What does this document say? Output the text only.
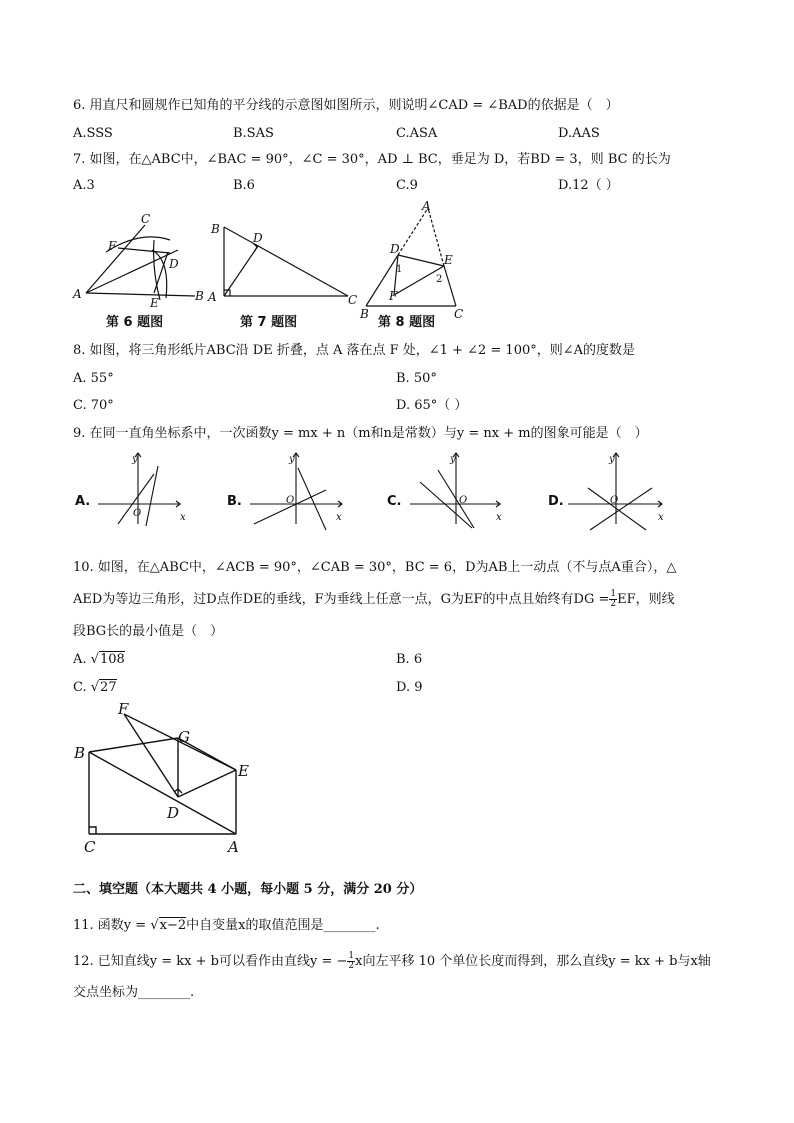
6. 用直尺和圆规作已知角的平分线的示意图如图所示，则说明∠CAD = ∠BAD的依据是（　）
A.SSS	B.SAS	C.ASA	D.AAS
7. 如图，在△ABC中，∠BAC = 90°，∠C = 30°，AD ⊥ BC，垂足为 D，若BD = 3，则 BC 的长为
A.3	B.6	C.9	D.12（ ）
C
F
D
A
E	B
第 6 题图
B
D
A	C
第 7 题图
A
D
E
1
2
F
B	C
第 8 题图
8. 如图，将三角形纸片ABC沿 DE 折叠，点 A 落在点 F 处，∠1 + ∠2 = 100°，则∠A的度数是
A. 55°	B. 50°
C. 70°	D. 65°（ ）
9. 在同一直角坐标系中，一次函数y = mx + n（m和n是常数）与y = nx + m的图象可能是（　）
A.
y
O	x
B.
y
O
x
C.
y
O
x
D.
y
O
x
10. 如图，在△ABC中，∠ACB = 90°，∠CAB = 30°，BC = 6，D为AB上一动点（不与点A重合），△
AED为等边三角形，过D点作DE的垂线，F为垂线上任意一点，G为EF的中点且始终有DG = $\frac{1}{2}$ EF，则线
段BG长的最小值是（　）
A. √108	B. 6
C. √27	D. 9
F
G
B
E
D
C	A
二、填空题（本大题共 4 小题，每小题 5 分，满分 20 分）
11. 函数y = √x−2中自变量x的取值范围是________.
12. 已知直线y = kx + b可以看作由直线y = − $\frac{1}{2}$ x向左平移 10 个单位长度而得到，那么直线y = kx + b与x轴
交点坐标为________.
